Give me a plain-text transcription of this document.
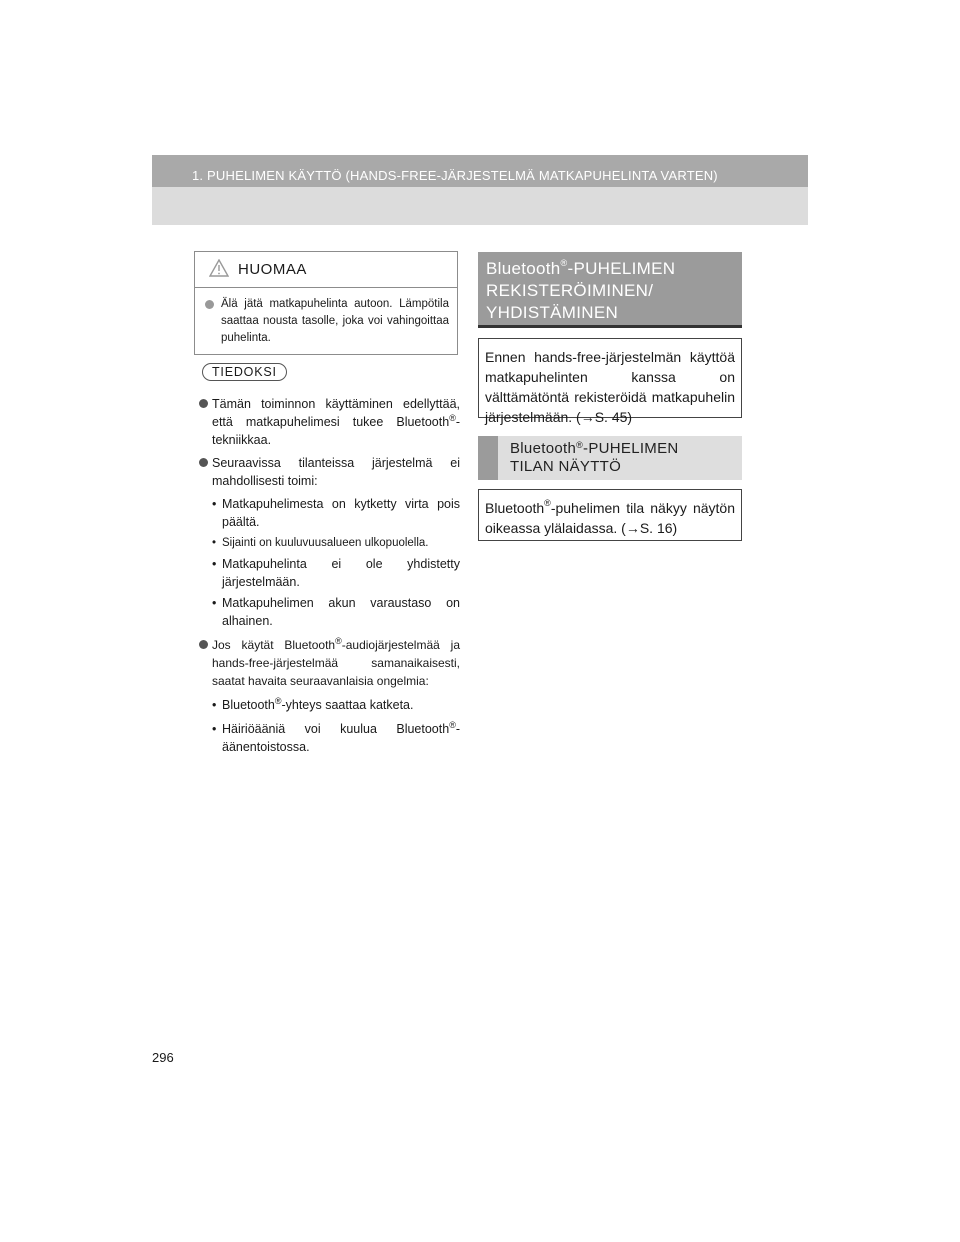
1. PUHELIMEN KÄYTTÖ (HANDS-FREE-JÄRJESTELMÄ MATKAPUHELINTA VARTEN)
HUOMAA
Älä jätä matkapuhelinta autoon. Lämpötila saattaa nousta tasolle, joka voi vahingoittaa puhelinta.
TIEDOKSI
Tämän toiminnon käyttäminen edellyttää, että matkapuhelimesi tukee Bluetooth®-tekniikkaa.
Seuraavissa tilanteissa järjestelmä ei mahdollisesti toimi:
• Matkapuhelimesta on kytketty virta pois päältä.
• Sijainti on kuuluvuusalueen ulkopuolella.
• Matkapuhelinta ei ole yhdistetty järjestelmään.
• Matkapuhelimen akun varaustaso on alhainen.
Jos käytät Bluetooth®-audiojärjestelmää ja hands-free-järjestelmää samanaikaisesti, saatat havaita seuraavanlaisia ongelmia:
• Bluetooth®-yhteys saattaa katketa.
• Häiriöääniä voi kuulua Bluetooth®-äänentoistossa.
Bluetooth®-PUHELIMEN
REKISTERÖIMINEN/
YHDISTÄMINEN
Ennen hands-free-järjestelmän käyttöä matkapuhelinten kanssa on välttämätöntä rekisteröidä matkapuhelin järjestelmään. (→S. 45)
Bluetooth®-PUHELIMEN
TILAN NÄYTTÖ
Bluetooth®-puhelimen tila näkyy näytön oikeassa ylälaidassa. (→S. 16)
296
